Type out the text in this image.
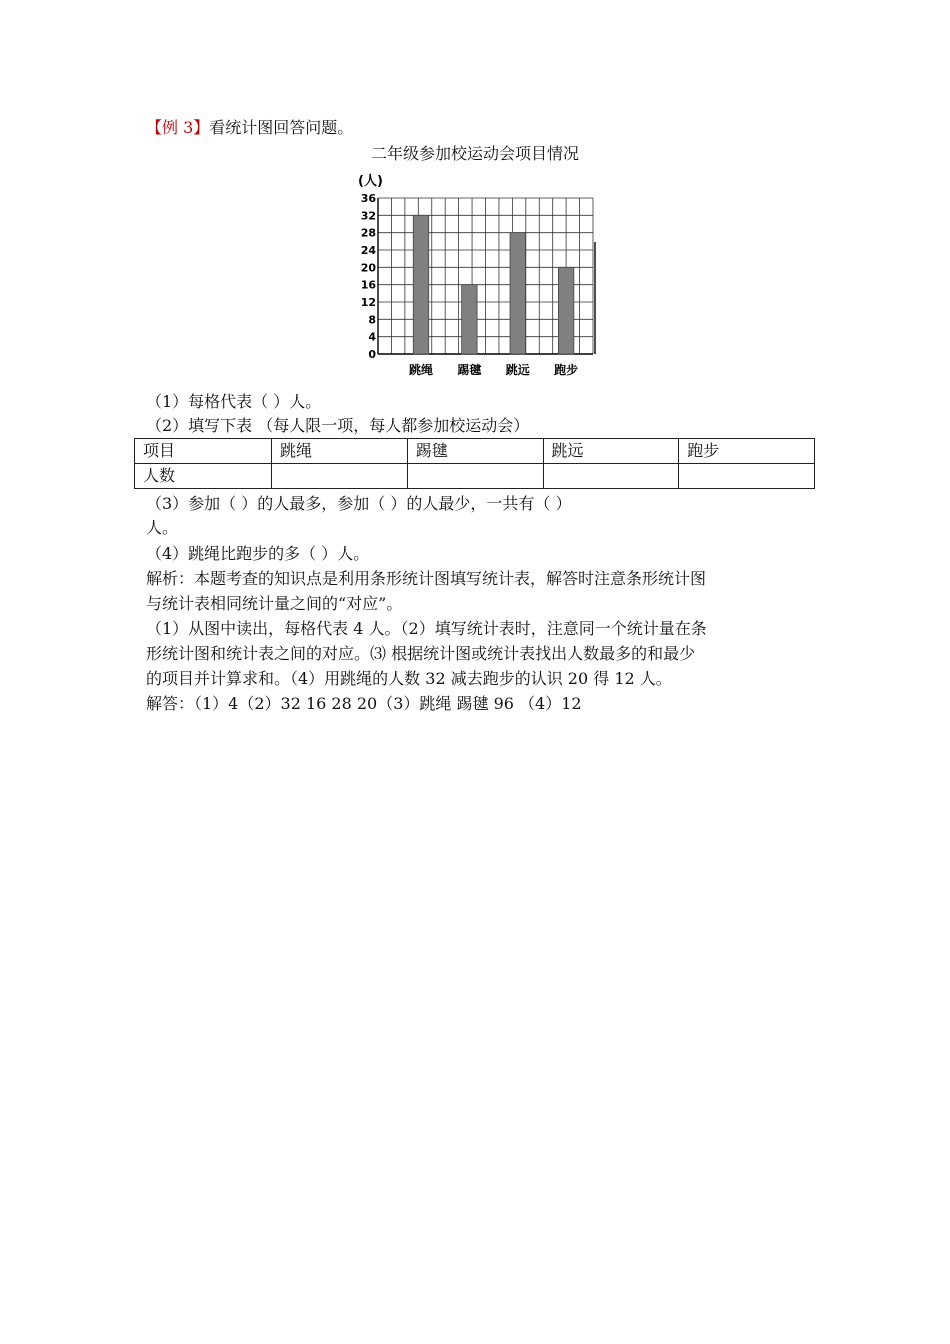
【例 3】看统计图回答问题。
二年级参加校运动会项目情况
0
4
8
12
16
20
24
28
32
36
跳绳 踢毽 跳远 跑步
(人)
（1）每格代表（ ）人。
（2）填写下表 （每人限一项，每人都参加校运动会）
项目	跳绳	踢毽	跳远	跑步
人数				
（3）参加（ ）的人最多，参加（ ）的人最少，一共有（ ）
人。
（4）跳绳比跑步的多（ ）人。
解析：本题考查的知识点是利用条形统计图填写统计表，解答时注意条形统计图
与统计表相同统计量之间的“对应”。
（1）从图中读出，每格代表 4 人。（2）填写统计表时，注意同一个统计量在条
形统计图和统计表之间的对应。⑶ 根据统计图或统计表找出人数最多的和最少
的项目并计算求和。（4）用跳绳的人数 32 减去跑步的认识 20 得 12 人。
解答：（1）4（2）32 16 28 20（3）跳绳 踢毽 96 （4）12
